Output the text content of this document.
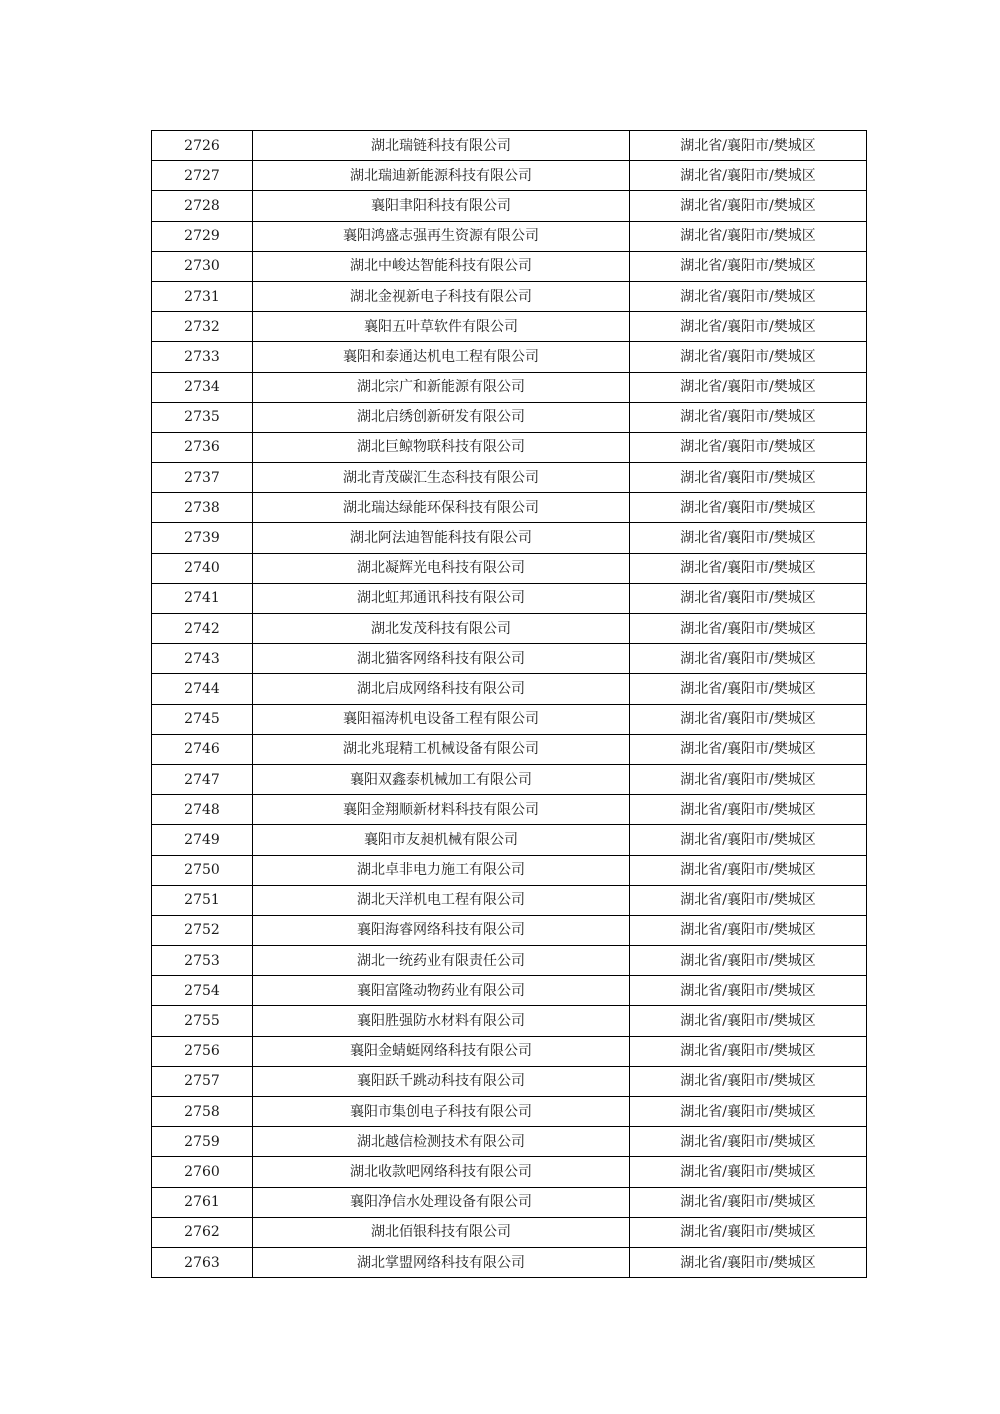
2726	湖北瑞链科技有限公司	湖北省/襄阳市/樊城区
2727	湖北瑞迪新能源科技有限公司	湖北省/襄阳市/樊城区
2728	襄阳聿阳科技有限公司	湖北省/襄阳市/樊城区
2729	襄阳鸿盛志强再生资源有限公司	湖北省/襄阳市/樊城区
2730	湖北中峻达智能科技有限公司	湖北省/襄阳市/樊城区
2731	湖北金视新电子科技有限公司	湖北省/襄阳市/樊城区
2732	襄阳五叶草软件有限公司	湖北省/襄阳市/樊城区
2733	襄阳和泰通达机电工程有限公司	湖北省/襄阳市/樊城区
2734	湖北宗广和新能源有限公司	湖北省/襄阳市/樊城区
2735	湖北启绣创新研发有限公司	湖北省/襄阳市/樊城区
2736	湖北巨鲸物联科技有限公司	湖北省/襄阳市/樊城区
2737	湖北青茂碳汇生态科技有限公司	湖北省/襄阳市/樊城区
2738	湖北瑞达绿能环保科技有限公司	湖北省/襄阳市/樊城区
2739	湖北阿法迪智能科技有限公司	湖北省/襄阳市/樊城区
2740	湖北凝辉光电科技有限公司	湖北省/襄阳市/樊城区
2741	湖北虹邦通讯科技有限公司	湖北省/襄阳市/樊城区
2742	湖北发茂科技有限公司	湖北省/襄阳市/樊城区
2743	湖北猫客网络科技有限公司	湖北省/襄阳市/樊城区
2744	湖北启成网络科技有限公司	湖北省/襄阳市/樊城区
2745	襄阳福涛机电设备工程有限公司	湖北省/襄阳市/樊城区
2746	湖北兆琨精工机械设备有限公司	湖北省/襄阳市/樊城区
2747	襄阳双鑫泰机械加工有限公司	湖北省/襄阳市/樊城区
2748	襄阳金翔顺新材料科技有限公司	湖北省/襄阳市/樊城区
2749	襄阳市友昶机械有限公司	湖北省/襄阳市/樊城区
2750	湖北卓非电力施工有限公司	湖北省/襄阳市/樊城区
2751	湖北天洋机电工程有限公司	湖北省/襄阳市/樊城区
2752	襄阳海睿网络科技有限公司	湖北省/襄阳市/樊城区
2753	湖北一统药业有限责任公司	湖北省/襄阳市/樊城区
2754	襄阳富隆动物药业有限公司	湖北省/襄阳市/樊城区
2755	襄阳胜强防水材料有限公司	湖北省/襄阳市/樊城区
2756	襄阳金蜻蜓网络科技有限公司	湖北省/襄阳市/樊城区
2757	襄阳跃千跳动科技有限公司	湖北省/襄阳市/樊城区
2758	襄阳市集创电子科技有限公司	湖北省/襄阳市/樊城区
2759	湖北越信检测技术有限公司	湖北省/襄阳市/樊城区
2760	湖北收款吧网络科技有限公司	湖北省/襄阳市/樊城区
2761	襄阳净信水处理设备有限公司	湖北省/襄阳市/樊城区
2762	湖北佰银科技有限公司	湖北省/襄阳市/樊城区
2763	湖北掌盟网络科技有限公司	湖北省/襄阳市/樊城区
